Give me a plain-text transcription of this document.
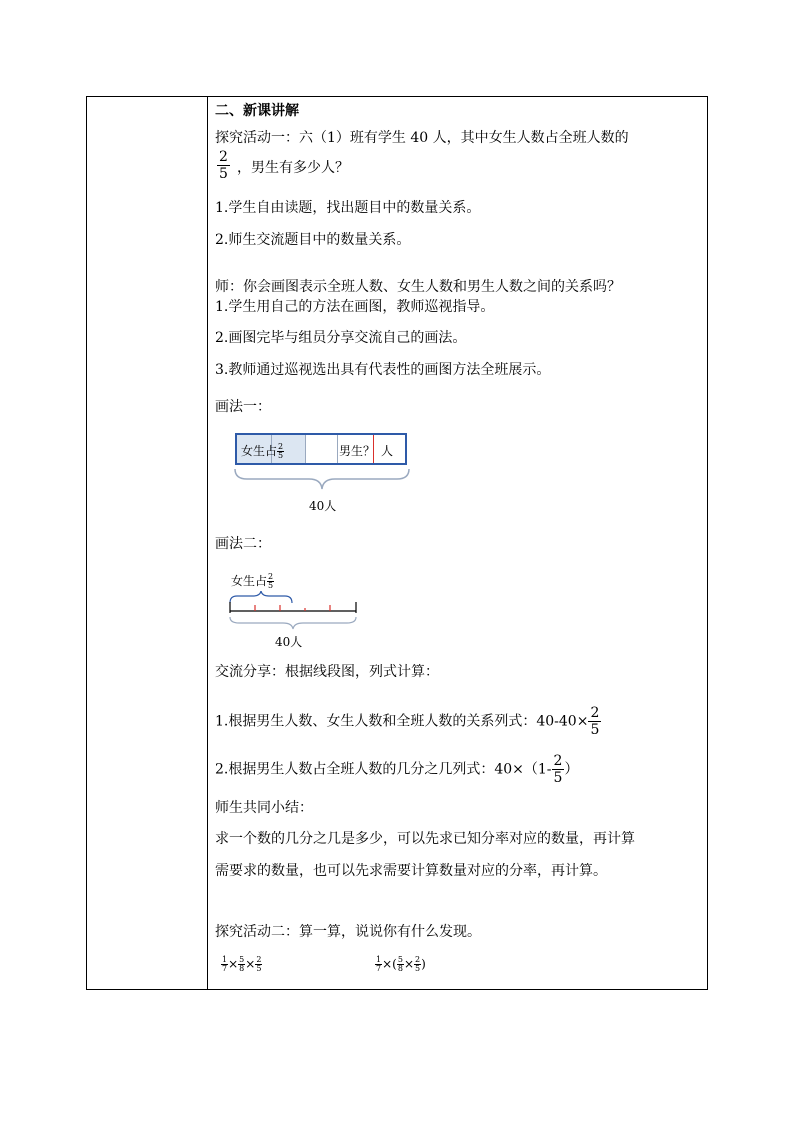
二、新课讲解
探究活动一：六（1）班有学生 40 人，其中女生人数占全班人数的
$\frac{2}{5}$ ，男生有多少人？
1.学生自由读题，找出题目中的数量关系。
2.师生交流题目中的数量关系。
师：你会画图表示全班人数、女生人数和男生人数之间的关系吗？
1.学生用自己的方法在画图，教师巡视指导。
2.画图完毕与组员分享交流自己的画法。
3.教师通过巡视选出具有代表性的画图方法全班展示。
画法一：
女生占 $\frac{2}{5}$	男生？ 人
40人
画法二：
女生占 $\frac{2}{5}$
40人
交流分享：根据线段图，列式计算：
1.根据男生人数、女生人数和全班人数的关系列式：$40-40\times \frac{2}{5}$
2.根据男生人数占全班人数的几分之几列式：$40\times(1- \frac{2}{5}$ ）
师生共同小结：
求一个数的几分之几是多少，可以先求已知分率对应的数量，再计算
需要求的数量，也可以先求需要计算数量对应的分率，再计算。
探究活动二：算一算，说说你有什么发现。
$\frac{1}{7} \times \frac{5}{8} \times \frac{2}{5}$	$\frac{1}{7}$ ×( $\frac{5}{8} \times \frac{2}{5}$ )
